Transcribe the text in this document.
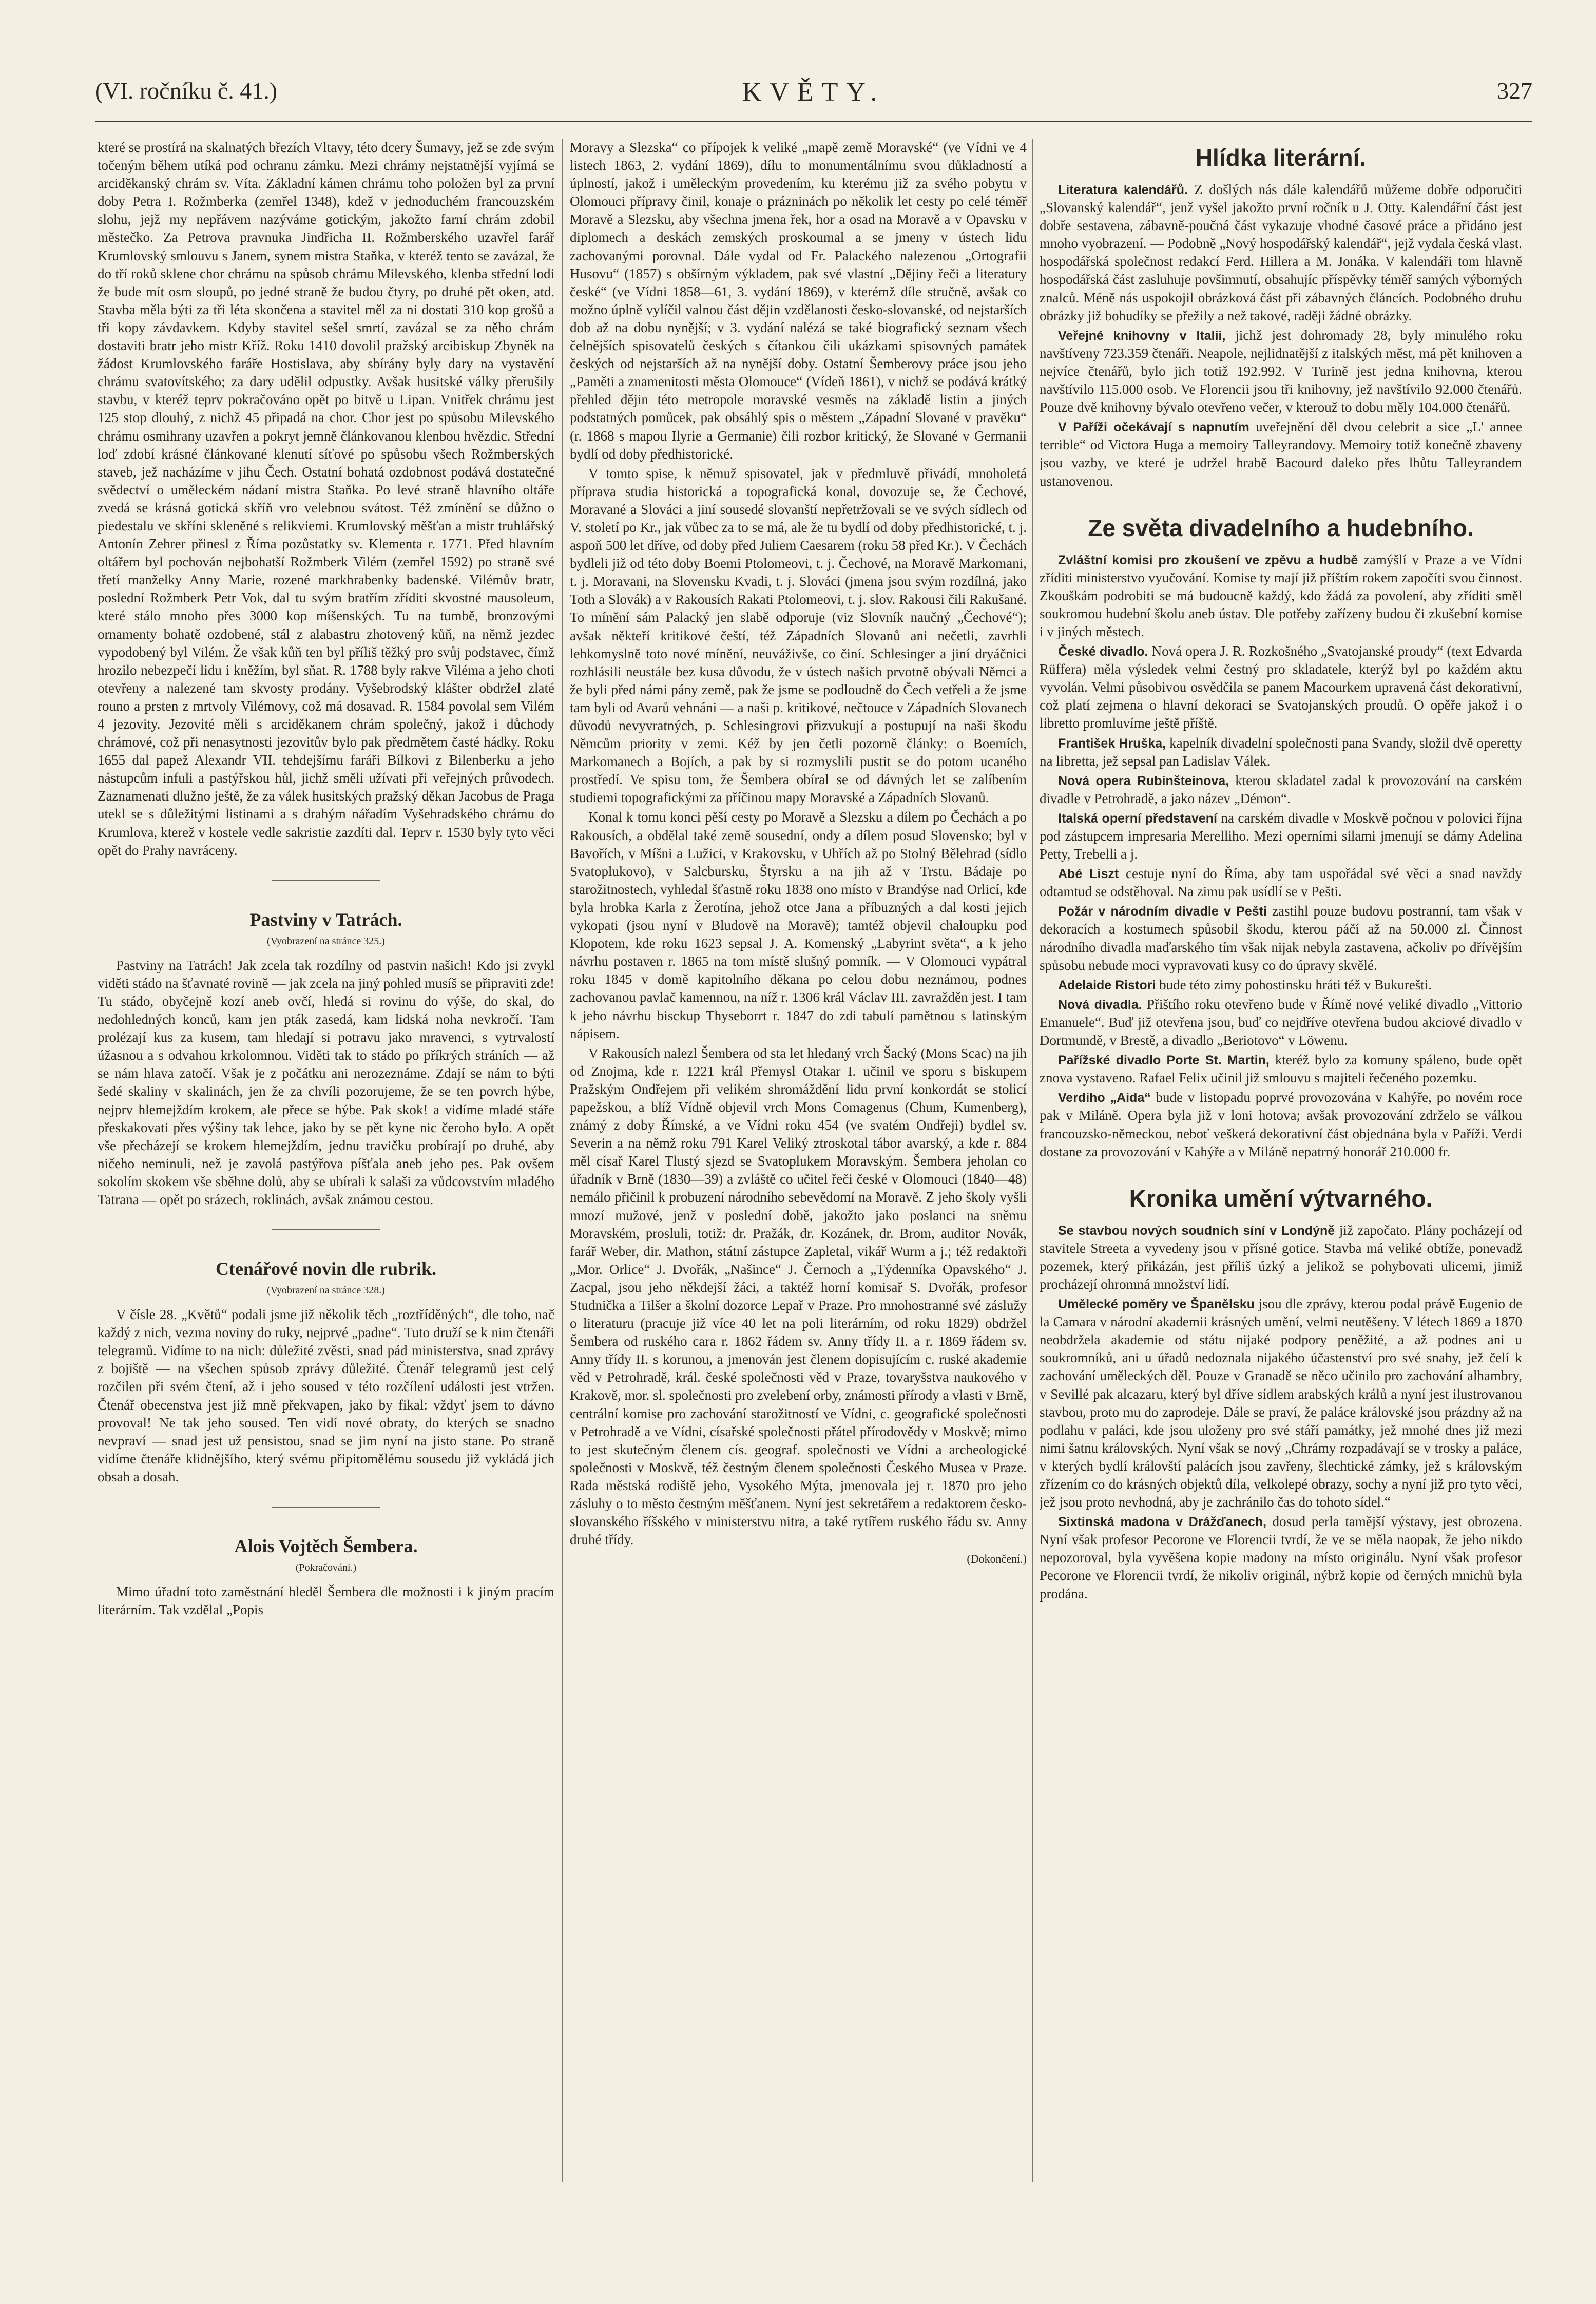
(VI. ročníku č. 41.)	KVĚTY.	327

které se prostírá na skalnatých březích Vltavy, této dcery Šumavy, jež se zde svým točeným během utíká pod ochranu zámku. Mezi chrámy nejstatnější vyjímá se arciděkanský chrám sv. Víta. Základní kámen chrámu toho položen byl za první doby Petra I. Rožmberka (zemřel 1348), kdež v jednoduchém francouzském slohu, jejž my nepřávem nazýváme gotickým, jakožto farní chrám zdobil městečko. Za Petrova pravnuka Jindřicha II. Rožmberského uzavřel farář Krumlovský smlouvu s Janem, synem mistra Staňka, v kteréž tento se zavázal, že do tří roků sklene chor chrámu na spůsob chrámu Milevského, klenba střední lodi že bude mít osm sloupů, po jedné straně že budou čtyry, po druhé pět oken, atd. Stavba měla býti za tři léta skončena a stavitel měl za ni dostati 310 kop grošů a tři kopy závdavkem. Kdyby stavitel sešel smrtí, zavázal se za něho chrám dostaviti bratr jeho mistr Kříž. Roku 1410 dovolil pražský arcibiskup Zbyněk na žádost Krumlovského faráře Hostislava, aby sbírány byly dary na vystavění chrámu svatovítského; za dary udělil odpustky. Avšak husitské války přerušily stavbu, v kteréž teprv pokračováno opět po bitvě u Lipan. Vnitřek chrámu jest 125 stop dlouhý, z nichž 45 připadá na chor. Chor jest po spůsobu Milevského chrámu osmihrany uzavřen a pokryt jemně článkovanou klenbou hvězdic. Střední loď zdobí krásné článkované klenutí síťové po spůsobu všech Rožmberských staveb, jež nacházíme v jihu Čech. Ostatní bohatá ozdobnost podává dostatečné svědectví o uměleckém nádaní mistra Staňka. Po levé straně hlavního oltáře zvedá se krásná gotická skříň vro velebnou svátost. Též zmínění se důžno o piedestalu ve skříni skleněné s relikviemi. Krumlovský měšťan a mistr truhlářský Antonín Zehrer přinesl z Říma pozůstatky sv. Klementa r. 1771. Před hlavním oltářem byl pochován nejbohatší Rožmberk Vilém (zemřel 1592) po straně své třetí manželky Anny Marie, rozené markhrabenky badenské. Vilémův bratr, poslední Rožmberk Petr Vok, dal tu svým bratřím zříditi skvostné mausoleum, které stálo mnoho přes 3000 kop míšenských. Tu na tumbě, bronzovými ornamenty bohatě ozdobené, stál z alabastru zhotovený kůň, na němž jezdec vypodobený byl Vilém. Že však kůň ten byl příliš těžký pro svůj podstavec, čímž hrozilo nebezpečí lidu i kněžím, byl sňat. R. 1788 byly rakve Viléma a jeho choti otevřeny a nalezené tam skvosty prodány. Vyšebrodský klášter obdržel zlaté rouno a prsten z mrtvoly Vilémovy, což má dosavad. R. 1584 povolal sem Vilém 4 jezovity. Jezovité měli s arciděkanem chrám společný, jakož i důchody chrámové, což při nenasytnosti jezovitův bylo pak předmětem časté hádky. Roku 1655 dal papež Alexandr VII. tehdejšímu faráři Bílkovi z Bilenberku a jeho nástupcům infuli a pastýřskou hůl, jichž směli užívati při veřejných průvodech. Zaznamenati dlužno ještě, že za válek husitských pražský děkan Jacobus de Praga utekl se s důležitými listinami a s drahým nářadím Vyšehradského chrámu do Krumlova, kterež v kostele vedle sakristie zazdíti dal. Teprv r. 1530 byly tyto věci opět do Prahy navráceny.

Pastviny v Tatrách.
(Vyobrazení na stránce 325.)

Pastviny na Tatrách! Jak zcela tak rozdílny od pastvin našich! Kdo jsi zvykl viděti stádo na šťavnaté rovině — jak zcela na jiný pohled musíš se připraviti zde! Tu stádo, obyčejně kozí aneb ovčí, hledá si rovinu do výše, do skal, do nedohledných konců, kam jen pták zasedá, kam lidská noha nevkročí. Tam prolézají kus za kusem, tam hledají si potravu jako mravenci, s vytrvalostí úžasnou a s odvahou krkolomnou. Viděti tak to stádo po příkrých stráních — až se nám hlava zatočí. Však je z počátku ani nerozeznáme. Zdají se nám to býti šedé skaliny v skalinách, jen že za chvíli pozorujeme, že se ten povrch hýbe, nejprv hlemejždím krokem, ale přece se hýbe. Pak skok! a vidíme mladé stáře přeskakovati přes výšiny tak lehce, jako by se pět kyne nic čeroho bylo. A opět vše přecházejí se krokem hlemejždím, jednu travičku probírají po druhé, aby ničeho neminuli, než je zavolá pastýřova píšťala aneb jeho pes. Pak ovšem sokolím skokem vše sběhne dolů, aby se ubírali k salaši za vůdcovstvím mladého Tatrana — opět po srázech, roklinách, avšak známou cestou.

Ctenářové novin dle rubrik.
(Vyobrazení na stránce 328.)

V čísle 28. „Květů“ podali jsme již několik těch „roztříděných“, dle toho, nač každý z nich, vezma noviny do ruky, nejprvé „padne“. Tuto druží se k nim čtenáři telegramů. Vidíme to na nich: důležité zvěsti, snad pád ministerstva, snad zprávy z bojiště — na všechen spůsob zprávy důležité. Čtenář telegramů jest celý rozčilen při svém čtení, až i jeho soused v této rozčílení události jest vtržen. Čtenář obecenstva jest již mně překvapen, jako by fikal: vždyť jsem to dávno provoval! Ne tak jeho soused. Ten vidí nové obraty, do kterých se snadno nevpraví — snad jest už pensistou, snad se jim nyní na jisto stane. Po straně vidíme čtenáře klidnějšího, který svému připitomělému sousedu již vykládá jich obsah a dosah.

Alois Vojtěch Šembera.
(Pokračování.)

Mimo úřadní toto zaměstnání hleděl Šembera dle možnosti i k jiným pracím literárním. Tak vzdělal „Popis

Moravy a Slezska“ co přípojek k veliké „mapě země Moravské“ (ve Vídni ve 4 listech 1863, 2. vydání 1869), dílu to monumentálnímu svou důkladností a úplností, jakož i uměleckým provedením, ku kterému již za svého pobytu v Olomouci přípravy činil, konaje o prázninách po několik let cesty po celé téměř Moravě a Slezsku, aby všechna jmena řek, hor a osad na Moravě a v Opavsku v diplomech a deskách zemských proskoumal a se jmeny v ústech lidu zachovanými porovnal. Dále vydal od Fr. Palackého nalezenou „Ortografii Husovu“ (1857) s obšírným výkladem, pak své vlastní „Dějiny řeči a literatury české“ (ve Vídni 1858—61, 3. vydání 1869), v kterémž díle stručně, avšak co možno úplně vylíčil valnou část dějin vzdělanosti česko-slovanské, od nejstarších dob až na dobu nynější; v 3. vydání nalézá se také biografický seznam všech čelnějších spisovatelů českých s čítankou čili ukázkami spisovných památek českých od nejstarších až na nynější doby. Ostatní Šemberovy práce jsou jeho „Paměti a znamenitosti města Olomouce“ (Vídeň 1861), v nichž se podává krátký přehled dějin této metropole moravské vesměs na základě listin a jiných podstatných pomůcek, pak obsáhlý spis o městem „Západní Slované v pravěku“ (r. 1868 s mapou Ilyrie a Germanie) čili rozbor kritický, že Slované v Germanii bydlí od doby předhistorické.

V tomto spise, k němuž spisovatel, jak v předmluvě přivádí, mnoholetá příprava studia historická a topografická konal, dovozuje se, že Čechové, Moravané a Slováci a jiní sousedé slovanští nepřetržovali se ve svých sídlech od V. století po Kr., jak vůbec za to se má, ale že tu bydlí od doby předhistorické, t. j. aspoň 500 let dříve, od doby před Juliem Caesarem (roku 58 před Kr.). V Čechách bydleli již od této doby Boemi Ptolomeovi, t. j. Čechové, na Moravě Markomani, t. j. Moravani, na Slovensku Kvadi, t. j. Slováci (jmena jsou svým rozdílná, jako Toth a Slovák) a v Rakousích Rakati Ptolomeovi, t. j. slov. Rakousi čili Rakušané. To mínění sám Palacký jen slabě odporuje (viz Slovník naučný „Čechové“); avšak někteří kritikové čeští, též Západních Slovanů ani nečetli, zavrhli lehkomyslně toto nové mínění, neuváživše, co činí. Schlesinger a jiní dryáčnici rozhlásili neustále bez kusa důvodu, že v ústech našich prvotně obývali Němci a že byli před námi pány země, pak že jsme se podloudně do Čech vetřeli a že jsme tam byli od Avarů vehnáni — a naši p. kritikové, nečtouce v Západních Slovanech důvodů nevyvratných, p. Schlesingrovi přizvukují a postupují na naši škodu Němcům priority v zemi. Kéž by jen četli pozorně články: o Boemích, Markomanech a Bojích, a pak by si rozmyslili pustit se do potom ucaného prostředí. Ve spisu tom, že Šembera obíral se od dávných let se zalíbením studiemi topografickými za příčinou mapy Moravské a Západních Slovanů.

Konal k tomu konci pěší cesty po Moravě a Slezsku a dílem po Čechách a po Rakousích, a obdělal také země sousední, ondy a dílem posud Slovensko; byl v Bavořích, v Míšni a Lužici, v Krakovsku, v Uhřích až po Stolný Bělehrad (sídlo Svatoplukovo), v Salcbursku, Štyrsku a na jih až v Trstu. Bádaje po starožitnostech, vyhledal šťastně roku 1838 ono místo v Brandýse nad Orlicí, kde byla hrobka Karla z Žerotína, jehož otce Jana a příbuzných a dal kosti jejich vykopati (jsou nyní v Bludově na Moravě); tamtéž objevil chaloupku pod Klopotem, kde roku 1623 sepsal J. A. Komenský „Labyrint světa“, a k jeho návrhu postaven r. 1865 na tom místě slušný pomník. — V Olomouci vypátral roku 1845 v domě kapitolního děkana po celou dobu neznámou, podnes zachovanou pavlač kamennou, na níž r. 1306 král Václav III. zavražděn jest. I tam k jeho návrhu bisckup Thyseborrt r. 1847 do zdi tabulí pamětnou s latinským nápisem.

V Rakousích nalezl Šembera od sta let hledaný vrch Šacký (Mons Scac) na jih od Znojma, kde r. 1221 král Přemysl Otakar I. učinil ve sporu s biskupem Pražským Ondřejem při velikém shromáždění lidu první konkordát se stolicí papežskou, a blíž Vídně objevil vrch Mons Comagenus (Chum, Kumenberg), známý z doby Římské, a ve Vídni roku 454 (ve svatém Ondřeji) bydlel sv. Severin a na němž roku 791 Karel Veliký ztroskotal tábor avarský, a kde r. 884 měl císař Karel Tlustý sjezd se Svatoplukem Moravským. Šembera jeholan co úřadník v Brně (1830—39) a zvláště co učitel řeči české v Olomouci (1840—48) nemálo přičinil k probuzení národního sebevědomí na Moravě. Z jeho školy vyšli mnozí mužové, jenž v poslední době, jakožto jako poslanci na sněmu Moravském, prosluli, totiž: dr. Pražák, dr. Kozánek, dr. Brom, auditor Novák, farář Weber, dir. Mathon, státní zástupce Zapletal, vikář Wurm a j.; též redaktoři „Mor. Orlice“ J. Dvořák, „Našince“ J. Černoch a „Týdenníka Opavského“ J. Zacpal, jsou jeho někdejší žáci, a taktéž horní komisař S. Dvořák, profesor Studnička a Tilšer a školní dozorce Lepař v Praze. Pro mnohostranné své záslužy o literaturu (pracuje již více 40 let na poli literárním, od roku 1829) obdržel Šembera od ruského cara r. 1862 řádem sv. Anny třídy II. a r. 1869 řádem sv. Anny třídy II. s korunou, a jmenován jest členem dopisujícím c. ruské akademie věd v Petrohradě, král. české společnosti věd v Praze, tovaryšstva naukového v Krakově, mor. sl. společnosti pro zvelebení orby, známosti přírody a vlasti v Brně, centrální komise pro zachování starožitností ve Vídni, c. geografické společnosti v Petrohradě a ve Vídni, císařské společnosti přátel přírodovědy v Moskvě; mimo to jest skutečným členem cís. geograf. společnosti ve Vídni a archeologické společnosti v Moskvě, též čestným členem společnosti Českého Musea v Praze. Rada městská rodiště jeho, Vysokého Mýta, jmenovala jej r. 1870 pro jeho zásluhy o to město čestným měšťanem. Nyní jest sekretářem a redaktorem česko-slovanského říšského v ministerstvu nitra, a také rytířem ruského řádu sv. Anny druhé třídy.

(Dokončení.)

Hlídka literární.

Literatura kalendářů. Z došlých nás dále kalendářů můžeme dobře odporučiti „Slovanský kalendář“, jenž vyšel jakožto první ročník u J. Otty. Kalendářní část jest dobře sestavena, zábavně-poučná část vykazuje vhodné časové práce a přidáno jest mnoho vyobrazení. — Podobně „Nový hospodářský kalendář“, jejž vydala česká vlast. hospodářská společnost redakcí Ferd. Hillera a M. Jonáka. V kalendáři tom hlavně hospodářská část zasluhuje povšimnutí, obsahujíc příspěvky téměř samých výborných znalců. Méně nás uspokojil obrázková část při zábavných článcích. Podobného druhu obrázky již bohudíky se přežily a než takové, raději žádné obrázky.

Veřejné knihovny v Italii, jichž jest dohromady 28, byly minulého roku navštíveny 723.359 čtenáři. Neapole, nejlidnatější z italských měst, má pět knihoven a nejvíce čtenářů, bylo jich totiž 192.992. V Turině jest jedna knihovna, kterou navštívilo 115.000 osob. Ve Florencii jsou tři knihovny, jež navštívilo 92.000 čtenářů. Pouze dvě knihovny bývalo otevřeno večer, v kterouž to dobu měly 104.000 čtenářů.

V Paříži očekávají s napnutím uveřejnění děl dvou celebrit a sice „L' annee terrible“ od Victora Huga a memoiry Talleyrandovy. Memoiry totiž konečně zbaveny jsou vazby, ve které je udržel hrabě Bacourd dalekо přes lhůtu Talleyrandem ustanovenou.

Ze světa divadelního a hudebního.

Zvláštní komisi pro zkoušení ve zpěvu a hudbě zamýšlí v Praze a ve Vídni zříditi ministerstvo vyučování. Komise ty mají již příštím rokem započíti svou činnost. Zkouškám podrobiti se má budoucně každý, kdo žádá za povolení, aby zříditi směl soukromou hudební školu aneb ústav. Dle potřeby zařízeny budou či zkušební komise i v jiných městech.

České divadlo. Nová opera J. R. Rozkošného „Svatojanské proudy“ (text Edvarda Rüffera) měla výsledek velmi čestný pro skladatele, kterýž byl po každém aktu vyvolán. Velmi působivou osvědčila se panem Macourkem upravená část dekorativní, což platí zejmena o hlavní dekoraci se Svatojanských proudů. O opěře jakož i o libretto promluvíme ještě příště.

František Hruška, kapelník divadelní společnosti pana Svandy, složil dvě operetty na libretta, jež sepsal pan Ladislav Válek.

Nová opera Rubinšteinova, kterou skladatel zadal k provozování na carském divadle v Petrohradě, a jako název „Démon“.

Italská operní představení na carském divadle v Moskvě počnou v polovici října pod zástupcem impresaria Merelliho. Mezi operními silami jmenují se dámy Adelina Petty, Trebelli a j.

Abé Liszt cestuje nyní do Říma, aby tam uspořádal své věci a snad navždy odtamtud se odstěhoval. Na zimu pak usídlí se v Pešti.

Požár v národním divadle v Pešti zastihl pouze budovu postranní, tam však v dekoracích a kostumech spůsobil škodu, kterou páčí až na 50.000 zl. Činnost národního divadla maďarského tím však nijak nebyla zastavena, ačkoliv po dřívějším spůsobu nebude moci vypravovati kusy co do úpravy skvělé.

Adelaide Ristori bude této zimy pohostinsku hráti též v Bukurešti.

Nová divadla. Přištího roku otevřeno bude v Římě nové veliké divadlo „Vittorio Emanuele“. Buď již otevřena jsou, buď co nejdříve otevřena budou akciové divadlo v Dortmundě, v Brestě, a divadlo „Beriotovo“ v Löwenu.

Pařížské divadlo Porte St. Martin, kteréž bylo za komuny spáleno, bude opět znova vystaveno. Rafael Felix učinil již smlouvu s majiteli řečeného pozemku.

Verdiho „Aida“ bude v listopadu poprvé provozována v Kahýře, po novém roce pak v Miláně. Opera byla již v loni hotova; avšak provozování zdrželo se válkou francouzsko-německou, neboť veškerá dekorativní část objednána byla v Paříži. Verdi dostane za provozování v Kahýře a v Miláně nepatrný honorář 210.000 fr.

Kronika umění výtvarného.

Se stavbou nových soudních síní v Londýně již započato. Plány pocházejí od stavitele Streeta a vyvedeny jsou v přísné gotice. Stavba má veliké obtíže, ponevadž pozemek, který přikázán, jest příliš úzký a jelikož se pohybovati ulicemi, jimiž procházejí ohromná množství lidí.

Umělecké poměry ve Španělsku jsou dle zprávy, kterou podal právě Eugenio de la Camara v národní akademii krásných umění, velmi neutěšeny. V létech 1869 a 1870 neobdržela akademie od státu nijaké podpory peněžité, a až podnes ani u soukromníků, ani u úřadů nedoznala nijakého účastenství pro své snahy, jež čelí k zachování uměleckých děl. Pouze v Granadě se něco učinilo pro zachování alhambry, v Sevillé pak alcazaru, který byl dříve sídlem arabských králů a nyní jest ilustrovanou stavbou, proto mu do zaprodeje. Dále se praví, že paláce královské jsou prázdny až na podlahu v paláci, kde jsou uloženy pro své stáří památky, jež mnohé dnes již mezi nimi šatnu královských. Nyní však se nový „Chrámy rozpadávají se v trosky a paláce, v kterých bydlí královští palácích jsou zavřeny, šlechtické zámky, jež s královským zřízením co do krásných objektů díla, velkolepé obrazy, sochy a nyní již pro tyto věci, jež jsou proto nevhodná, aby je zachránilo čas do tohoto sídel.“

Sixtinská madona v Drážďanech, dosud perla tamější výstavy, jest obrozena. Nyní však profesor Pecorone ve Florencii tvrdí, že ve se měla naopak, že jeho nikdo nepozoroval, byla vyvěšena kopie madony na místo originálu. Nyní však profesor Pecorone ve Florencii tvrdí, že nikoliv originál, nýbrž kopie od černých mnichů byla prodána.
